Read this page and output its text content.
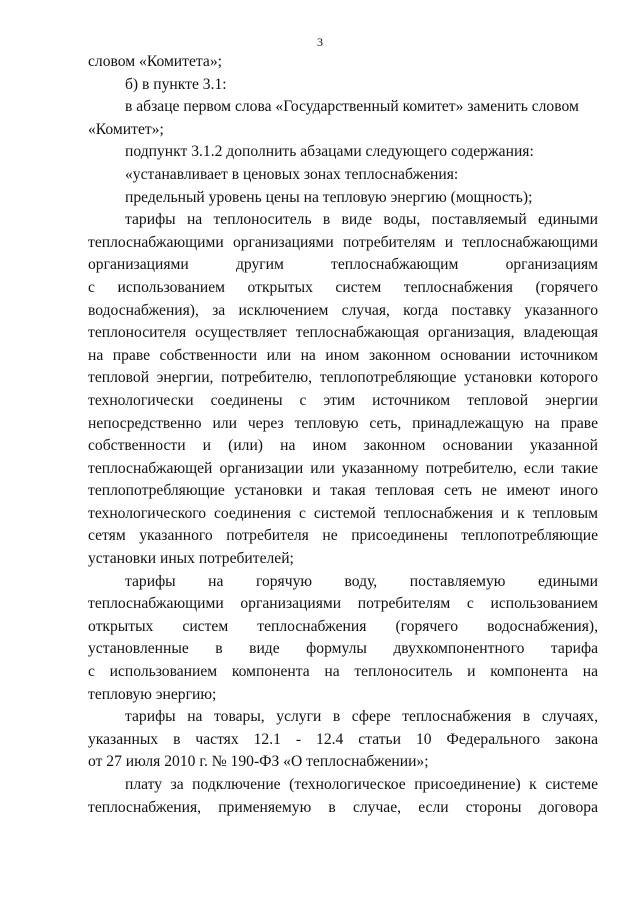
3
словом «Комитета»;
б) в пункте 3.1:
в абзаце первом слова «Государственный комитет» заменить словом
«Комитет»;
подпункт 3.1.2 дополнить абзацами следующего содержания:
«устанавливает в ценовых зонах теплоснабжения:
предельный уровень цены на тепловую энергию (мощность);
тарифы на теплоноситель в виде воды, поставляемый едиными
теплоснабжающими организациями потребителям и теплоснабжающими
организациями другим теплоснабжающим организациям
с использованием открытых систем теплоснабжения (горячего
водоснабжения), за исключением случая, когда поставку указанного
теплоносителя осуществляет теплоснабжающая организация, владеющая
на праве собственности или на ином законном основании источником
тепловой энергии, потребителю, теплопотребляющие установки которого
технологически соединены с этим источником тепловой энергии
непосредственно или через тепловую сеть, принадлежащую на праве
собственности и (или) на ином законном основании указанной
теплоснабжающей организации или указанному потребителю, если такие
теплопотребляющие установки и такая тепловая сеть не имеют иного
технологического соединения с системой теплоснабжения и к тепловым
сетям указанного потребителя не присоединены теплопотребляющие
установки иных потребителей;
тарифы на горячую воду, поставляемую едиными
теплоснабжающими организациями потребителям с использованием
открытых систем теплоснабжения (горячего водоснабжения),
установленные в виде формулы двухкомпонентного тарифа
с использованием компонента на теплоноситель и компонента на
тепловую энергию;
тарифы на товары, услуги в сфере теплоснабжения в случаях,
указанных в частях 12.1 - 12.4 статьи 10 Федерального закона
от 27 июля 2010 г. № 190-ФЗ «О теплоснабжении»;
плату за подключение (технологическое присоединение) к системе
теплоснабжения, применяемую в случае, если стороны договора
